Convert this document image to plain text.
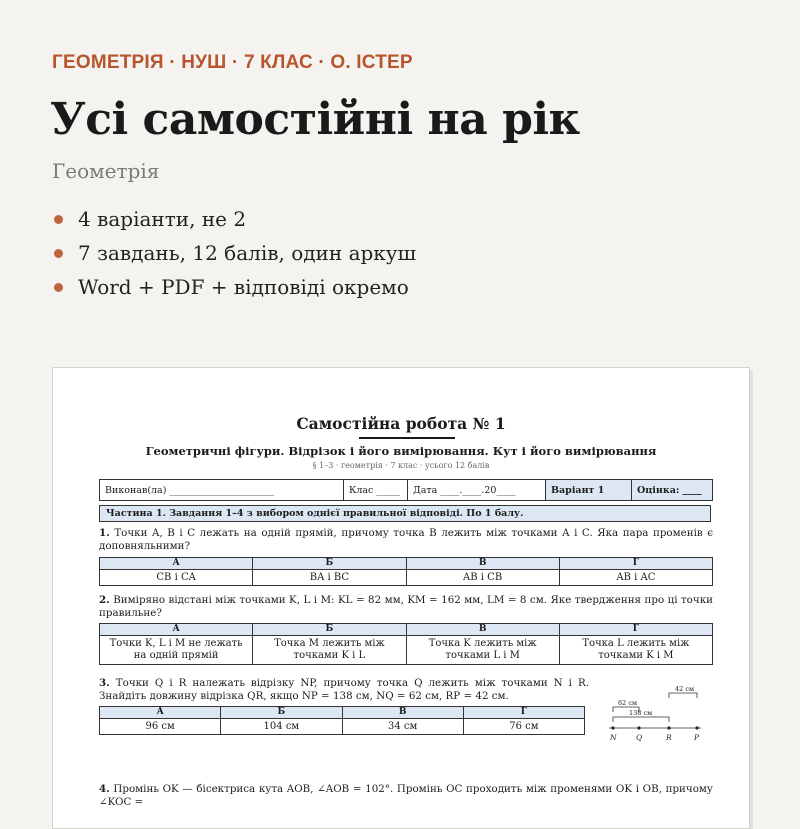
ГЕОМЕТРІЯ · НУШ · 7 КЛАС · О. ІСТЕР
Усі самостійні на рік
Геометрія
4 варіанти, не 2
7 завдань, 12 балів, один аркуш
Word + PDF + відповіді окремо
Самостійна робота № 1
Геометричні фігури. Відрізок і його вимірювання. Кут і його вимірювання
§ 1–3 · геометрія · 7 клас · усього 12 балів
Виконав(ла) ______________________	Клас _____	Дата ____.____.20____	Варіант 1	Оцінка: ____
Частина 1. Завдання 1–4 з вибором однієї правильної відповіді. По 1 балу.
1. Точки A, B і C лежать на одній прямій, причому точка B лежить між точками A і C. Яка пара променів є доповняльними?
А	Б	В	Г
CB і CA	BA і BC	AB і CB	AB і AC
2. Виміряно відстані між точками K, L і M: KL = 82 мм, KM = 162 мм, LM = 8 см. Яке твердження про ці точки правильне?
А	Б	В	Г
Точки K, L і M не лежать на одній прямій	Точка M лежить між точками K і L	Точка K лежить між точками L і M	Точка L лежить між точками K і M
3. Точки Q і R належать відрізку NP, причому точка Q лежить між точками N і R. Знайдіть довжину відрізка QR, якщо NP = 138 см, NQ = 62 см, RP = 42 см.
А	Б	В	Г
96 см	104 см	34 см	76 см
42 см
62 см
138 см
N	Q	R	P
4. Промінь OK — бісектриса кута AOB, ∠AOB = 102°. Промінь OC проходить між променями OK і OB, причому ∠KOC =
